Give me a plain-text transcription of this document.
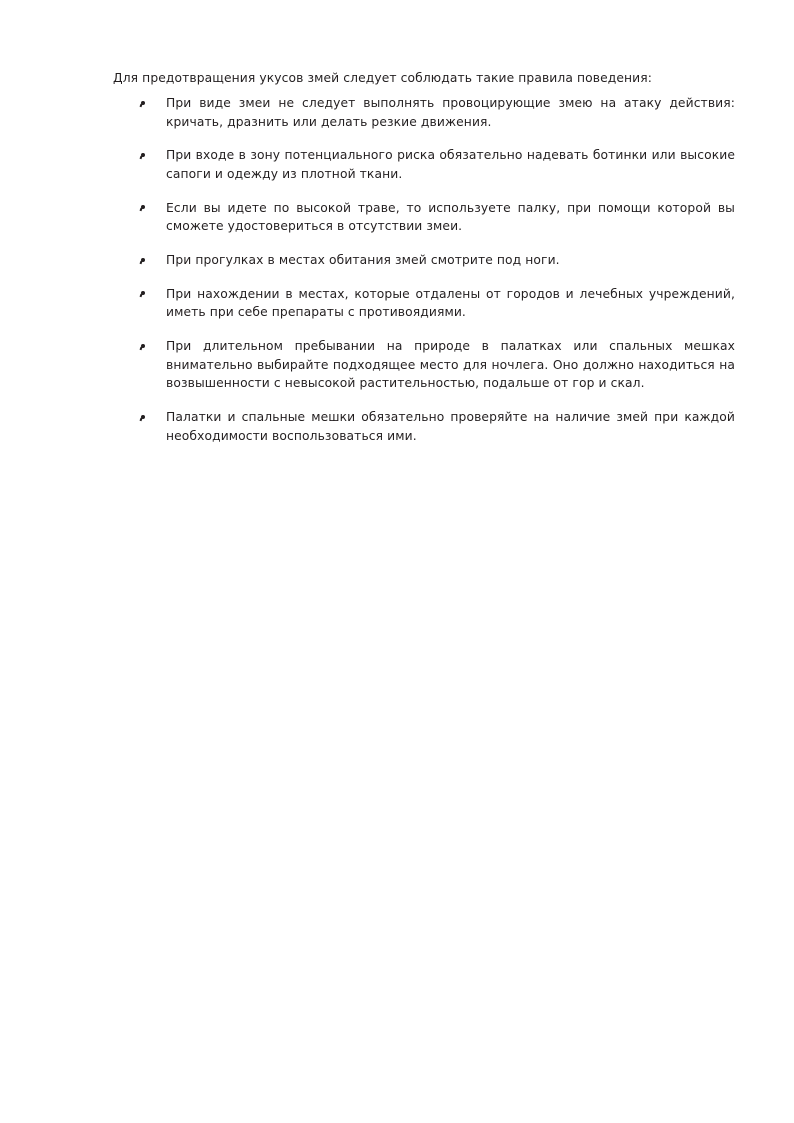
Для предотвращения укусов змей следует соблюдать такие правила поведения:

При виде змеи не следует выполнять провоцирующие змею на атаку действия: кричать, дразнить или делать резкие движения.
При входе в зону потенциального риска обязательно надевать ботинки или высокие сапоги и одежду из плотной ткани.
Если вы идете по высокой траве, то используете палку, при помощи которой вы сможете удостовериться в отсутствии змеи.
При прогулках в местах обитания змей смотрите под ноги.
При нахождении в местах, которые отдалены от городов и лечебных учреждений, иметь при себе препараты с противоядиями.
При длительном пребывании на природе в палатках или спальных мешках внимательно выбирайте подходящее место для ночлега. Оно должно находиться на возвышенности с невысокой растительностью, подальше от гор и скал.
Палатки и спальные мешки обязательно проверяйте на наличие змей при каждой необходимости воспользоваться ими.
